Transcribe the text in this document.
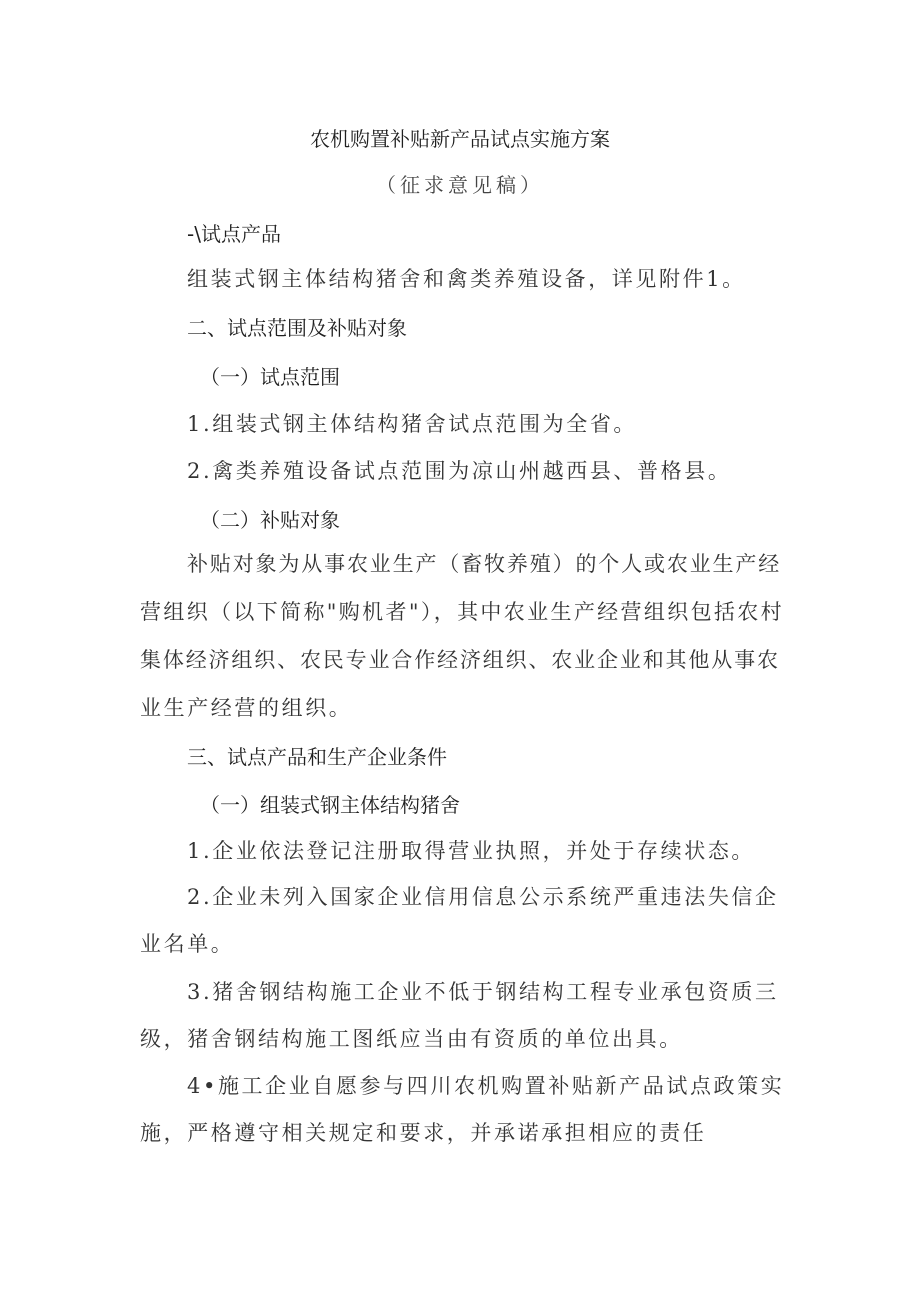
农机购置补贴新产品试点实施方案
（征求意见稿）
-\试点产品
组装式钢主体结构猪舍和禽类养殖设备，详见附件1。
二、试点范围及补贴对象
（一）试点范围
1.组装式钢主体结构猪舍试点范围为全省。
2.禽类养殖设备试点范围为凉山州越西县、普格县。
（二）补贴对象
补贴对象为从事农业生产（畜牧养殖）的个人或农业生产经
营组织（以下简称"购机者"），其中农业生产经营组织包括农村
集体经济组织、农民专业合作经济组织、农业企业和其他从事农
业生产经营的组织。
三、试点产品和生产企业条件
（一）组装式钢主体结构猪舍
1.企业依法登记注册取得营业执照，并处于存续状态。
2.企业未列入国家企业信用信息公示系统严重违法失信企
业名单。
3.猪舍钢结构施工企业不低于钢结构工程专业承包资质三
级，猪舍钢结构施工图纸应当由有资质的单位出具。
4•施工企业自愿参与四川农机购置补贴新产品试点政策实
施，严格遵守相关规定和要求，并承诺承担相应的责任
